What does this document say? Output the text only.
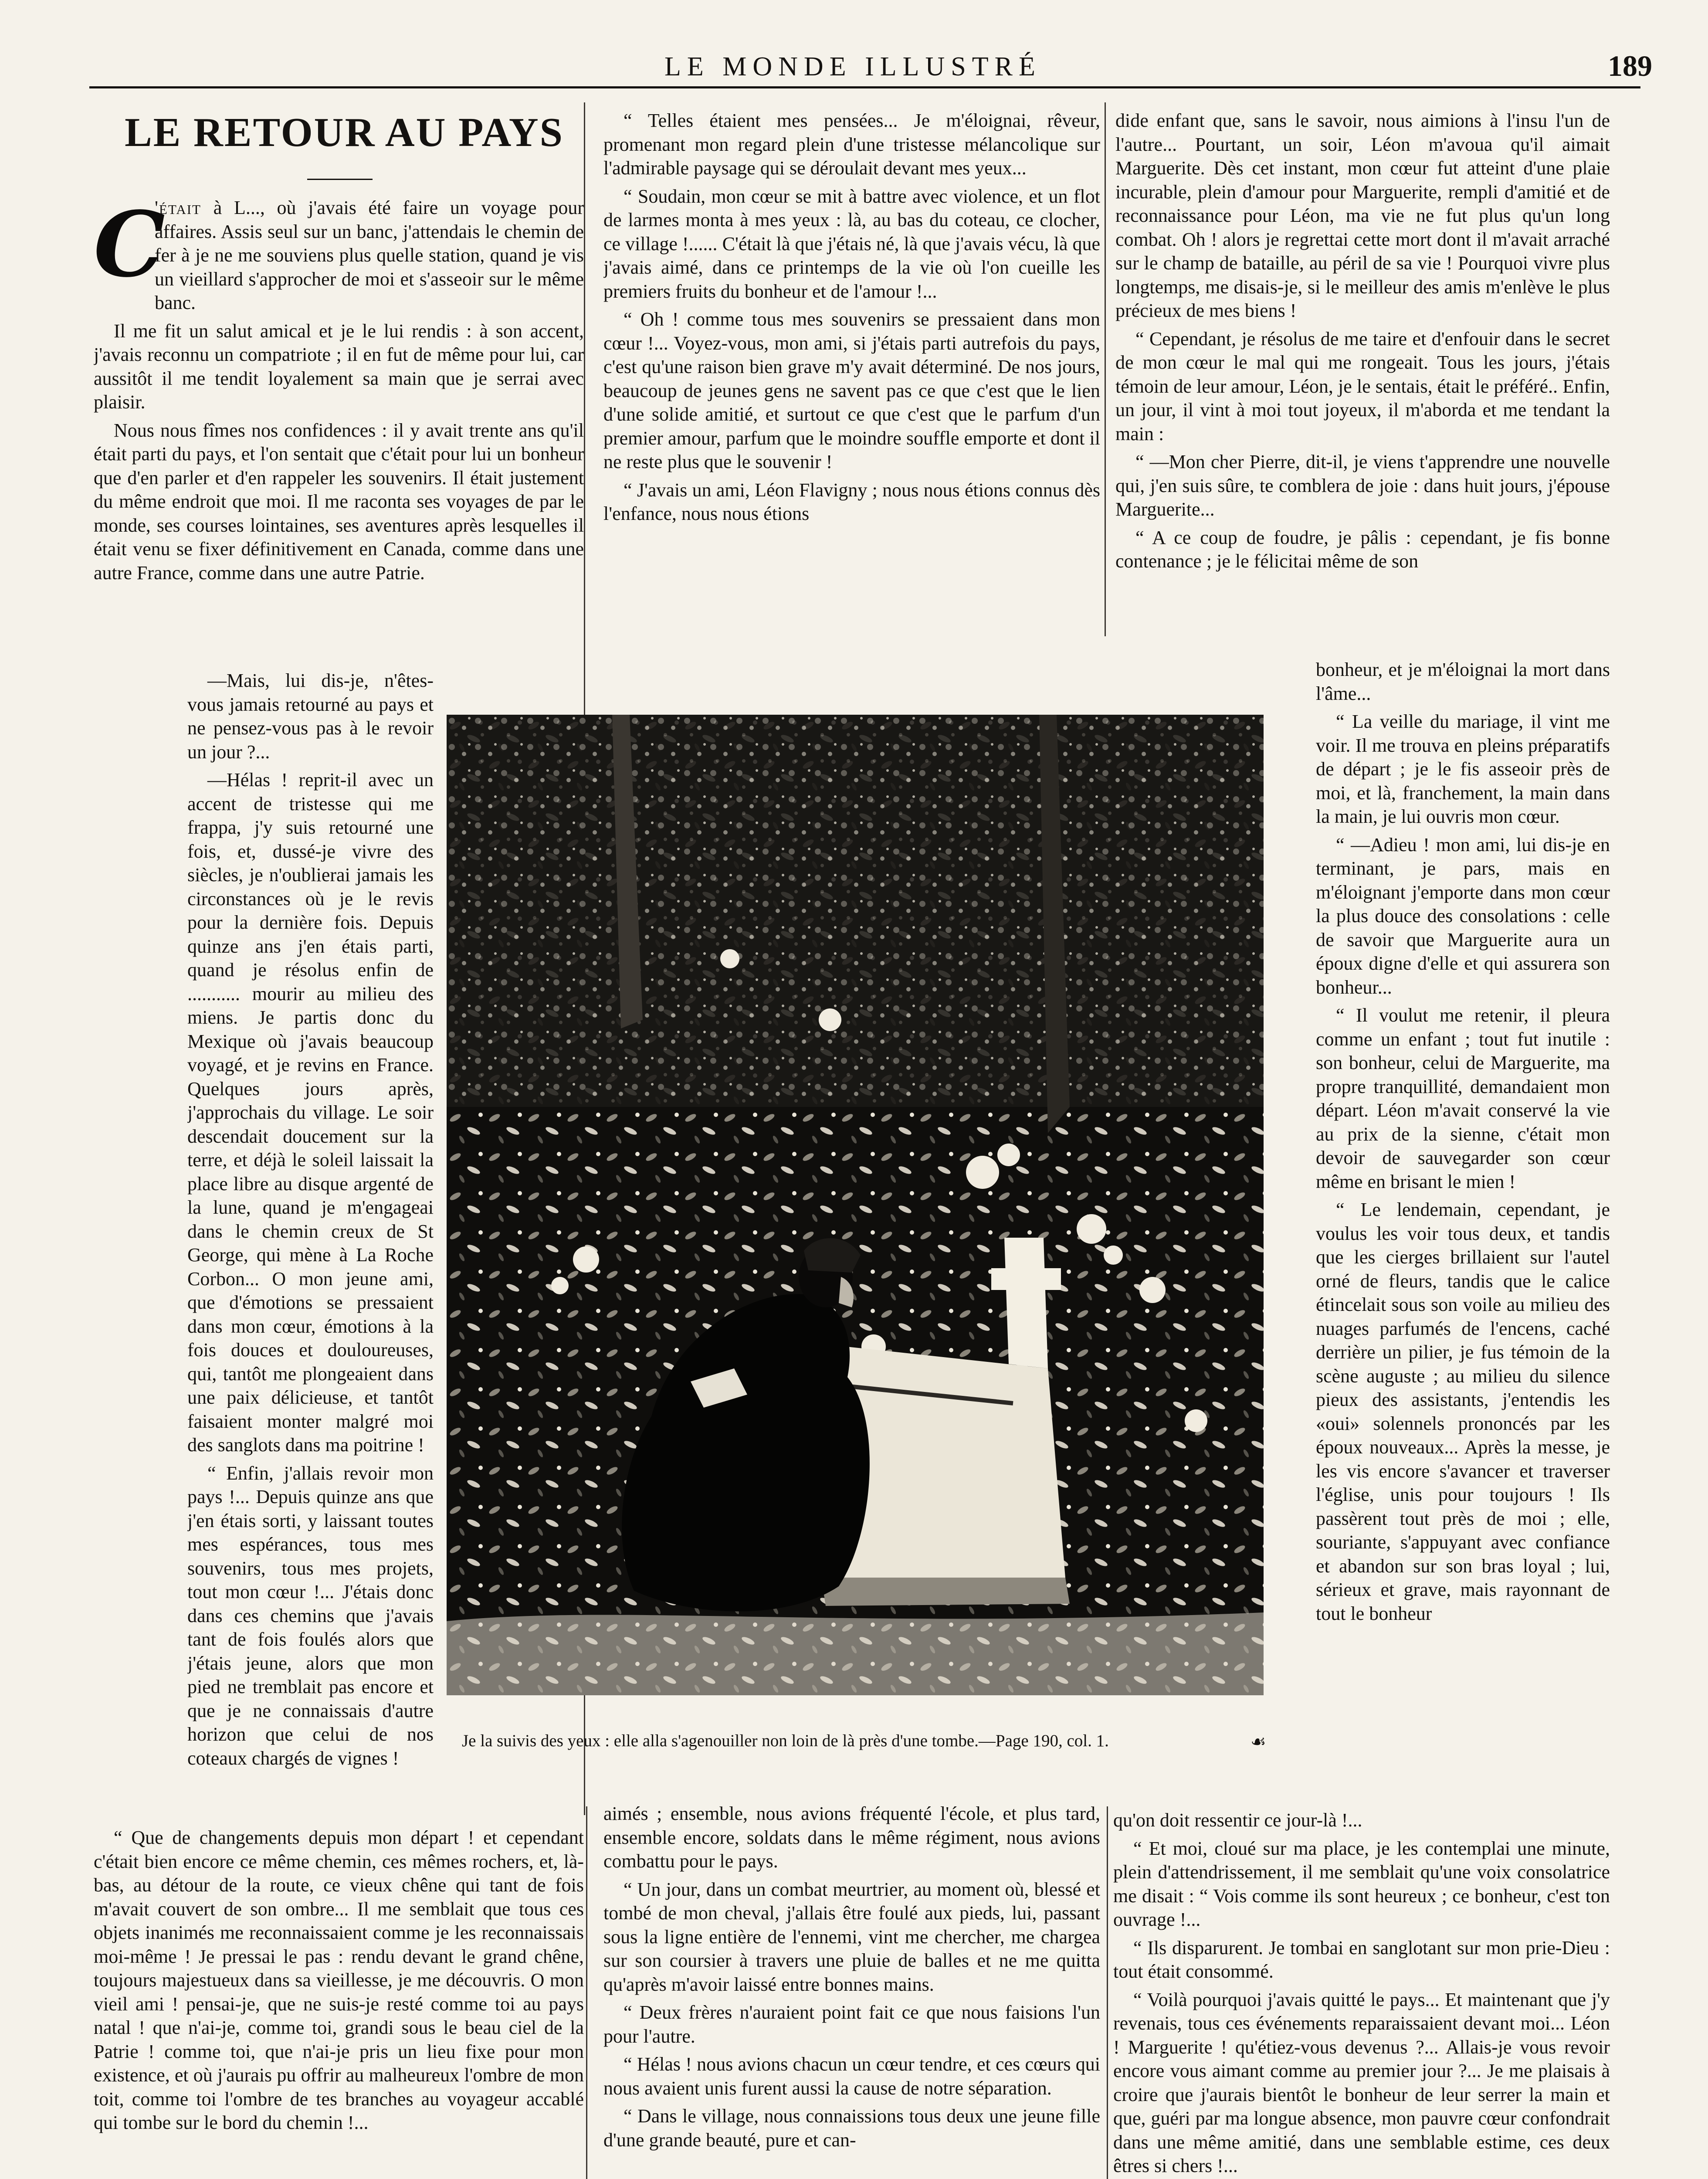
LE MONDE ILLUSTRÉ	189
LE RETOUR AU PAYS

C
'était à L..., où j'avais été faire un voyage pour affaires. Assis seul sur un banc, j'attendais le chemin de fer à je ne me souviens plus quelle station, quand je vis un vieillard s'approcher de moi et s'asseoir sur le même banc.

Il me fit un salut amical et je le lui rendis : à son accent, j'avais reconnu un compatriote ; il en fut de même pour lui, car aussitôt il me tendit loyalement sa main que je serrai avec plaisir.

Nous nous fîmes nos confidences : il y avait trente ans qu'il était parti du pays, et l'on sentait que c'était pour lui un bonheur que d'en parler et d'en rappeler les souvenirs. Il était justement du même endroit que moi. Il me raconta ses voyages de par le monde, ses courses lointaines, ses aventures après lesquelles il était venu se fixer définitivement en Canada, comme dans une autre France, comme dans une autre Patrie.

—Mais, lui dis-je, n'êtes-vous jamais retourné au pays et ne pensez-vous pas à le revoir un jour ?...

—Hélas ! reprit-il avec un accent de tristesse qui me frappa, j'y suis retourné une fois, et, dussé-je vivre des siècles, je n'oublierai jamais les circonstances où je le revis pour la dernière fois. Depuis quinze ans j'en étais parti, quand je résolus enfin de ........... mourir au milieu des miens. Je partis donc du Mexique où j'avais beaucoup voyagé, et je revins en France. Quelques jours après, j'approchais du village. Le soir descendait doucement sur la terre, et déjà le soleil laissait la place libre au disque argenté de la lune, quand je m'engageai dans le chemin creux de St George, qui mène à La Roche Corbon... O mon jeune ami, que d'émotions se pressaient dans mon cœur, émotions à la fois douces et douloureuses, qui, tantôt me plongeaient dans une paix délicieuse, et tantôt faisaient monter malgré moi des sanglots dans ma poitrine !

“ Enfin, j'allais revoir mon pays !... Depuis quinze ans que j'en étais sorti, y laissant toutes mes espérances, tous mes souvenirs, tous mes projets, tout mon cœur !... J'étais donc dans ces chemins que j'avais tant de fois foulés alors que j'étais jeune, alors que mon pied ne tremblait pas encore et que je ne connaissais d'autre horizon que celui de nos coteaux chargés de vignes !

“ Que de changements depuis mon départ ! et cependant c'était bien encore ce même chemin, ces mêmes rochers, et, là-bas, au détour de la route, ce vieux chêne qui tant de fois m'avait couvert de son ombre... Il me semblait que tous ces objets inanimés me reconnaissaient comme je les reconnaissais moi-même ! Je pressai le pas : rendu devant le grand chêne, toujours majestueux dans sa vieillesse, je me découvris. O mon vieil ami ! pensai-je, que ne suis-je resté comme toi au pays natal ! que n'ai-je, comme toi, grandi sous le beau ciel de la Patrie ! comme toi, que n'ai-je pris un lieu fixe pour mon existence, et où j'aurais pu offrir au malheureux l'ombre de mon toit, comme toi l'ombre de tes branches au voyageur accablé qui tombe sur le bord du chemin !...

“ Telles étaient mes pensées... Je m'éloignai, rêveur, promenant mon regard plein d'une tristesse mélancolique sur l'admirable paysage qui se déroulait devant mes yeux...

“ Soudain, mon cœur se mit à battre avec violence, et un flot de larmes monta à mes yeux : là, au bas du coteau, ce clocher, ce village !...... C'était là que j'étais né, là que j'avais vécu, là que j'avais aimé, dans ce printemps de la vie où l'on cueille les premiers fruits du bonheur et de l'amour !...

“ Oh ! comme tous mes souvenirs se pressaient dans mon cœur !... Voyez-vous, mon ami, si j'étais parti autrefois du pays, c'est qu'une raison bien grave m'y avait déterminé. De nos jours, beaucoup de jeunes gens ne savent pas ce que c'est que le lien d'une solide amitié, et surtout ce que c'est que le parfum d'un premier amour, parfum que le moindre souffle emporte et dont il ne reste plus que le souvenir !

“ J'avais un ami, Léon Flavigny ; nous nous étions connus dès l'enfance, nous nous étions

aimés ; ensemble, nous avions fréquenté l'école, et plus tard, ensemble encore, soldats dans le même régiment, nous avions combattu pour le pays.

“ Un jour, dans un combat meurtrier, au moment où, blessé et tombé de mon cheval, j'allais être foulé aux pieds, lui, passant sous la ligne entière de l'ennemi, vint me chercher, me chargea sur son coursier à travers une pluie de balles et ne me quitta qu'après m'avoir laissé entre bonnes mains.

“ Deux frères n'auraient point fait ce que nous faisions l'un pour l'autre.

“ Hélas ! nous avions chacun un cœur tendre, et ces cœurs qui nous avaient unis furent aussi la cause de notre séparation.

“ Dans le village, nous connaissions tous deux une jeune fille d'une grande beauté, pure et can-

dide enfant que, sans le savoir, nous aimions à l'insu l'un de l'autre... Pourtant, un soir, Léon m'avoua qu'il aimait Marguerite. Dès cet instant, mon cœur fut atteint d'une plaie incurable, plein d'amour pour Marguerite, rempli d'amitié et de reconnaissance pour Léon, ma vie ne fut plus qu'un long combat. Oh ! alors je regrettai cette mort dont il m'avait arraché sur le champ de bataille, au péril de sa vie ! Pourquoi vivre plus longtemps, me disais-je, si le meilleur des amis m'enlève le plus précieux de mes biens !

“ Cependant, je résolus de me taire et d'enfouir dans le secret de mon cœur le mal qui me rongeait. Tous les jours, j'étais témoin de leur amour, Léon, je le sentais, était le préféré.. Enfin, un jour, il vint à moi tout joyeux, il m'aborda et me tendant la main :

“ —Mon cher Pierre, dit-il, je viens t'apprendre une nouvelle qui, j'en suis sûre, te comblera de joie : dans huit jours, j'épouse Marguerite...

“ A ce coup de foudre, je pâlis : cependant, je fis bonne contenance ; je le félicitai même de son

bonheur, et je m'éloignai la mort dans l'âme...

“ La veille du mariage, il vint me voir. Il me trouva en pleins préparatifs de départ ; je le fis asseoir près de moi, et là, franchement, la main dans la main, je lui ouvris mon cœur.

“ —Adieu ! mon ami, lui dis-je en terminant, je pars, mais en m'éloignant j'emporte dans mon cœur la plus douce des consolations : celle de savoir que Marguerite aura un époux digne d'elle et qui assurera son bonheur...

“ Il voulut me retenir, il pleura comme un enfant ; tout fut inutile : son bonheur, celui de Marguerite, ma propre tranquillité, demandaient mon départ. Léon m'avait conservé la vie au prix de la sienne, c'était mon devoir de sauvegarder son cœur même en brisant le mien !

“ Le lendemain, cependant, je voulus les voir tous deux, et tandis que les cierges brillaient sur l'autel orné de fleurs, tandis que le calice étincelait sous son voile au milieu des nuages parfumés de l'encens, caché derrière un pilier, je fus témoin de la scène auguste ; au milieu du silence pieux des assistants, j'entendis les «oui» solennels prononcés par les époux nouveaux... Après la messe, je les vis encore s'avancer et traverser l'église, unis pour toujours ! Ils passèrent tout près de moi ; elle, souriante, s'appuyant avec confiance et abandon sur son bras loyal ; lui, sérieux et grave, mais rayonnant de tout le bonheur

qu'on doit ressentir ce jour-là !...

“ Et moi, cloué sur ma place, je les contemplai une minute, plein d'attendrissement, il me semblait qu'une voix consolatrice me disait : “ Vois comme ils sont heureux ; ce bonheur, c'est ton ouvrage !...

“ Ils disparurent. Je tombai en sanglotant sur mon prie-Dieu : tout était consommé.

“ Voilà pourquoi j'avais quitté le pays... Et maintenant que j'y revenais, tous ces événements reparaissaient devant moi... Léon ! Marguerite ! qu'étiez-vous devenus ?... Allais-je vous revoir encore vous aimant comme au premier jour ?... Je me plaisais à croire que j'aurais bientôt le bonheur de leur serrer la main et que, guéri par ma longue absence, mon pauvre cœur confondrait dans une même amitié, dans une semblable estime, ces deux êtres si chers !...

Je la suivis des yeux : elle alla s'agenouiller non loin de là près d'une tombe.—Page 190, col. 1.	☙
